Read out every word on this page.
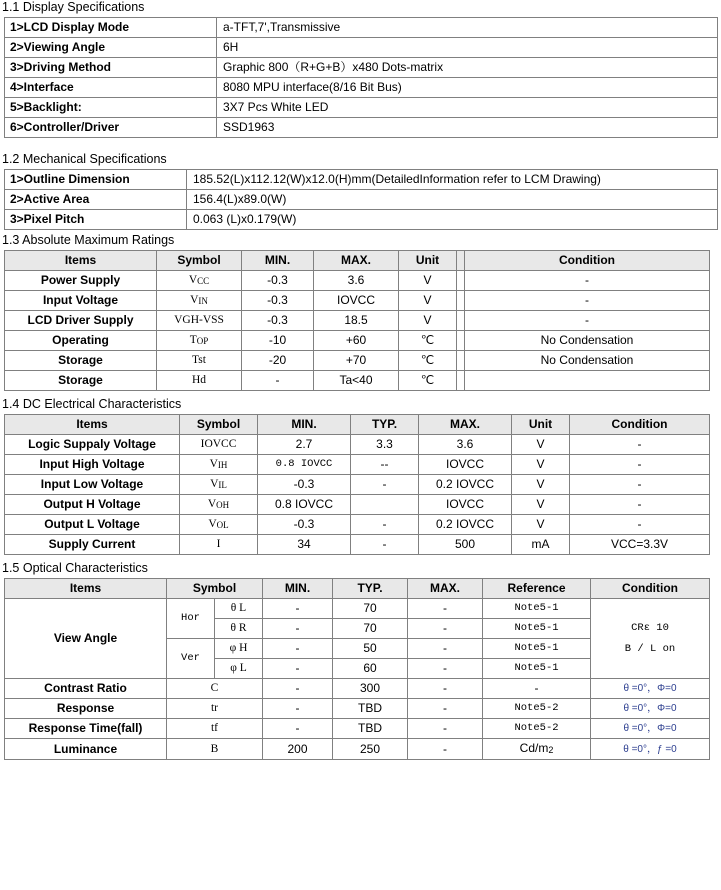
1.1 Display Specifications
1>LCD Display Mode	a-TFT,7',Transmissive
2>Viewing Angle	6H
3>Driving Method	Graphic 800（R+G+B）x480 Dots-matrix
4>Interface	8080 MPU interface(8/16 Bit Bus)
5>Backlight:	3X7 Pcs White LED
6>Controller/Driver	SSD1963
1.2 Mechanical Specifications
1>Outline Dimension	185.52(L)x112.12(W)x12.0(H)mm(DetailedInformation refer to LCM Drawing)
2>Active Area	156.4(L)x89.0(W)
3>Pixel Pitch	0.063 (L)x0.179(W)
1.3 Absolute Maximum Ratings
Items	Symbol	MIN.	MAX.	Unit		Condition
Power Supply	VCC	-0.3	3.6	V		-
Input Voltage	VIN	-0.3	IOVCC	V		-
LCD Driver Supply	VGH-VSS	-0.3	18.5	V		-
Operating	TOP	-10	+60	℃		No Condensation
Storage	Tst	-20	+70	℃		No Condensation
Storage	Hd	-	Ta<40	℃		
1.4 DC Electrical Characteristics
Items	Symbol	MIN.	TYP.	MAX.	Unit	Condition
Logic Suppaly Voltage	IOVCC	2.7	3.3	3.6	V	-
Input High Voltage	VIH	0.8 IOVCC	--	IOVCC	V	-
Input Low Voltage	VIL	-0.3	-	0.2 IOVCC	V	-
Output H Voltage	VOH	0.8 IOVCC		IOVCC	V	-
Output L Voltage	VOL	-0.3	-	0.2 IOVCC	V	-
Supply Current	I	34	-	500	mA	VCC=3.3V
1.5 Optical Characteristics
Items	Symbol		MIN.	TYP.	MAX.	Reference	Condition
View Angle	Hor	θ L	-	70	-	Note5-1	CRε 10
B / L on

		θ R	-	70	-	Note5-1	
	Ver	φ H	-	50	-	Note5-1	
		φ L	-	60	-	Note5-1	
Contrast Ratio	C		-	300	-	-	θ =0°，Φ=0
Response	tr		-	TBD	-	Note5-2	θ =0°，Φ=0
Response Time(fall)	tf		-	TBD	-	Note5-2	θ =0°，Φ=0
Luminance	B		200	250	-	Cd/m2	θ =0°，ƒ =0
